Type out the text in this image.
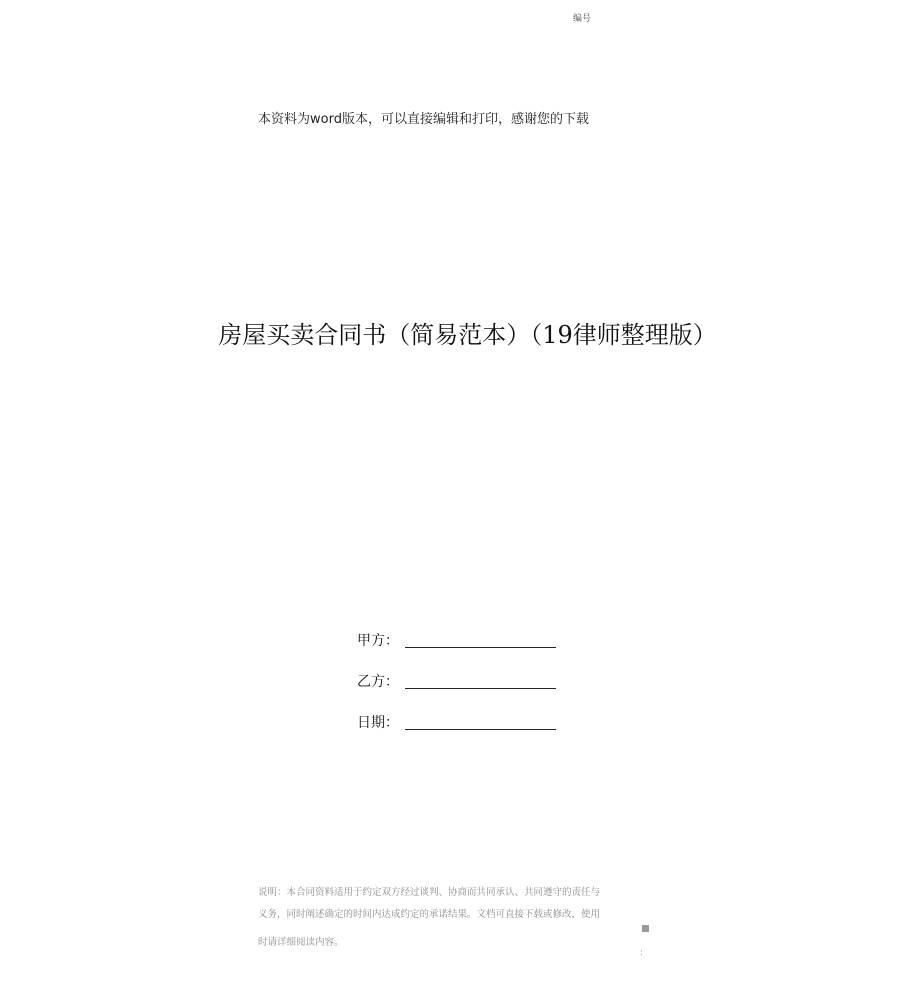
编号
本资料为word版本，可以直接编辑和打印，感谢您的下载
房屋买卖合同书（简易范本）（19律师整理版）
甲方：
乙方：
日期：
说明：本合同资料适用于约定双方经过谈判、协商而共同承认、共同遵守的责任与
义务，同时阐述确定的时间内达成约定的承诺结果。文档可直接下载或修改，使用
时请详细阅读内容。
:
